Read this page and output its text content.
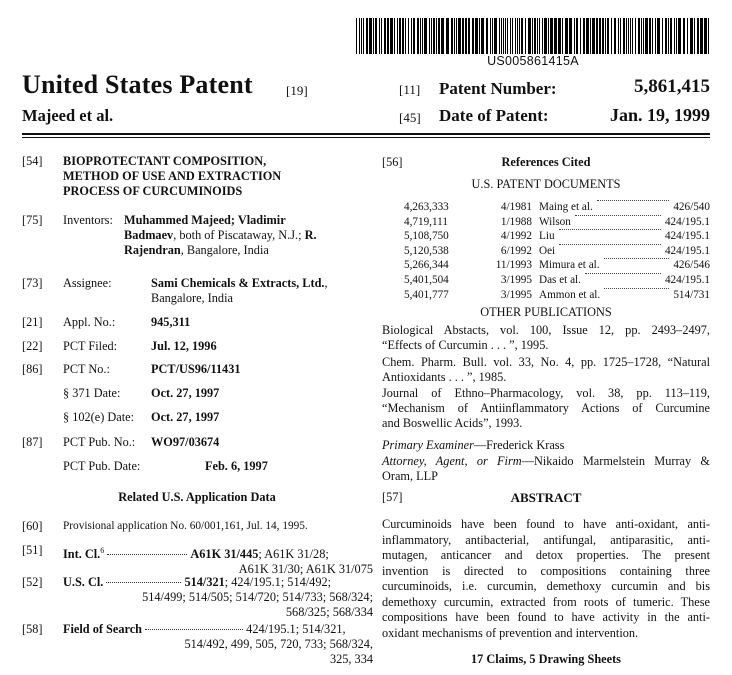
US005861415A
United States Patent	[19]
Majeed et al.
[11] Patent Number:	5,861,415
[45] Date of Patent:	Jan. 19, 1999
[54] BIOPROTECTANT COMPOSITION,
METHOD OF USE AND EXTRACTION
PROCESS OF CURCUMINOIDS
[75] Inventors: Muhammed Majeed; Vladimir
Badmaev, both of Piscataway, N.J.; R.
Rajendran, Bangalore, India
[73] Assignee:	Sami Chemicals & Extracts, Ltd.,
Bangalore, India
[21] Appl. No.:	945,311
[22] PCT Filed:	Jul. 12, 1996
[86] PCT No.:	PCT/US96/11431
§ 371 Date: Oct. 27, 1997
§ 102(e) Date: Oct. 27, 1997
[87] PCT Pub. No.: WO97/03674
PCT Pub. Date:	Feb. 6, 1997
Related U.S. Application Data
[60] Provisional application No. 60/001,161, Jul. 14, 1995.
[51] Int. Cl.$^6$	A61K 31/445; A61K 31/28;
A61K 31/30; A61K 31/075
[52] U.S. Cl.	514/321; 424/195.1; 514/492;
514/499; 514/505; 514/720; 514/733; 568/324;
568/325; 568/334
[58] Field of Search	424/195.1; 514/321,
514/492, 499, 505, 720, 733; 568/324,
325, 334
[56]	References Cited
U.S. PATENT DOCUMENTS
4,263,333	4/1981 Maing et al.	426/540
4,719,111	1/1988 Wilson	424/195.1
5,108,750	4/1992 Liu	424/195.1
5,120,538	6/1992 Oei	424/195.1
5,266,344	11/1993 Mimura et al.	426/546
5,401,504	3/1995 Das et al.	424/195.1
5,401,777	3/1995 Ammon et al.	514/731
OTHER PUBLICATIONS
Biological Abstacts, vol. 100, Issue 12, pp. 2493–2497,
“Effects of Curcumin . . . ”, 1995.
Chem. Pharm. Bull. vol. 33, No. 4, pp. 1725–1728, “Natural
Antioxidants . . . ”, 1985.
Journal of Ethno–Pharmacology, vol. 38, pp. 113–119,
“Mechanism of Antiinflammatory Actions of Curcumine
and Boswellic Acids”, 1993.
Primary Examiner—Frederick Krass
Attorney, Agent, or Firm—Nikaido Marmelstein Murray &
Oram, LLP
[57]	ABSTRACT
Curcuminoids have been found to have anti-oxidant, anti-
inflammatory, antibacterial, antifungal, antiparasitic, anti-
mutagen, anticancer and detox properties. The present
invention is directed to compositions containing three
curcuminoids, i.e. curcumin, demethoxy curcumin and bis
demethoxy curcumin, extracted from roots of tumeric. These
compositions have been found to have activity in the anti-
oxidant mechanisms of prevention and intervention.
17 Claims, 5 Drawing Sheets
